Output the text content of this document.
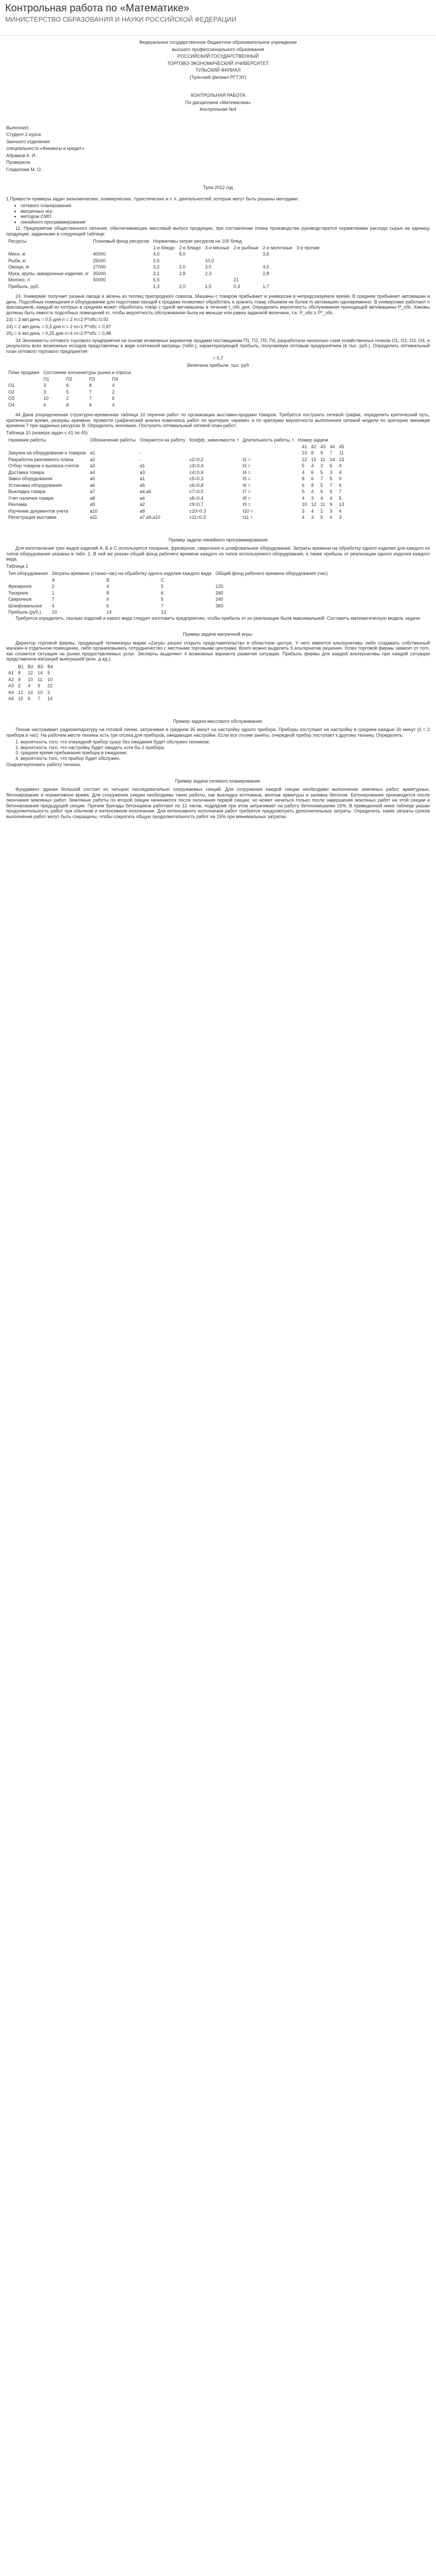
Контрольная работа по «Математике»
МИНИСТЕРСТВО ОБРАЗОВАНИЯ И НАУКИ РОССИЙСКОЙ ФЕДЕРАЦИИ

Федеральное государственное бюджетное образовательное учреждение

высшего профессионального образования

РОССИЙСКИЙ ГОСУДАРСТВЕННЫЙ

ТОРГОВО-ЭКОНОМИЧЕСКИЙ УНИВЕРСИТЕТ

ТУЛЬСКИЙ ФИЛИАЛ

(Тульский филиал РГТЭУ)

КОНТРОЛЬНАЯ РАБОТА

По дисциплине «Математика»

Контрольная №4

Выполнил:

Студент 2 курса

Заочного отделения

специальности «Финансы и кредит»

Абрамов К. И.

Проверила

Гладилова М. О.

Тула 2012 год

1.Привести примеры задач экономических, коммерческих, туристических и т. п. деятельностей, которые могут быть решены методами:

• сетевого планирования
• матричных игр
• методом СМО
• линейного программирования

11. Предприятие общественного питания, обеспечивающее массовый выпуск продукции, при составлении плана производства руководствуется нормативами расхода сырья на единицу продукции, заданными в следующей таблице:

Ресурсы	Плановый фонд ресурсов	Нормативы затрат ресурсов на 100 блюд					
		1-е блюдо	2-е блюдо	3-и мясные	2-е рыбные	2-е молочные	3-е прочие
Мясо, кг	40000	4,0	8,0			3,8	
Рыба, кг	25000	2,5		10,0			
Овощи, кг	27000	3,2	2,0	3,0		4,0	
Мука, крупы, макаронные изделия, кг	35000	2,1	2,8	2,3		2,8	
Молоко, л	50000	6,5			21		
Прибыль, руб.		1,3	2,0	1,5	0,3	1,7	

24. Универмаг получает разные овощи и зелень из теплиц пригородного совхоза. Машины с товаром прибывают в универсам в непредсказуемое время. В среднем прибывает автомашин в день. Подсобные помещения и оборудование для подготовки овощей к продаже позволяют обработать и хранить товар объемом не более m автомашин одновременно. В универсаме работают n фасовщиков, каждый из которых в среднем может обработать товар с одной автомашины в течение t_обс дня. Определить вероятность обслуживания приходящей автомашины P_обс. Каковы должны быть емкость подсобных помещений m, чтобы вероятность обслуживания была не меньше или равна заданной величине, т.е. P_обс ≥ P*_обс.

23) = 3 авт.день = 0,5 дня n = 2 m=2 P*обс=0,92

24) = 2 авт.день = 0,3 дня n = 2 m=1 P*обс = 0,97

25) = 6 авт.день = 0,25 дня n=4 m=2 P*обс = 0,98

34 Экономисты оптового торгового предприятия на основе возможных вариантов продажи поставщикам П1, П2, П3, П4, разработали несколько схем хозяйственных планов O1, O2, O3, O4, и результаты всех возможных исходов представлены в виде платежной матрицы (табл.), характеризующей прибыль, получаемую оптовым предприятием (в тыс. руб.). Определить оптимальный план оптового торгового предприятия

= 0,7

Величина прибыли, тыс. руб

План продажи	Состояние конъюнктуры рынка и спроса			
	П1	П2	П3	П4
O1	3	6	8	4
O2	3	5	7	2
O3	10	2	7	6
O4	4	8	6	4

44 Дана упорядоченная структурно-временная таблица 10 перечня работ по организации выставки-продажи товаров. Требуется построить сетевой график, определить критический путь, критическое время, резервы времени, провести графический анализ комплекса работ по критерию «время» и по критерию вероятности выполнения сетевой модели по критерию минимум времени T при заданных ресурсах B. Определить экономию. Построить оптимальный сетевой план-работ.

Таблица 10 (номера задач с 41 по 45)

Название работы	Обозначение работы	Опирается на работу	Коэфф. зависимости, t	Длительность работы, t	Номер задачи					
						41	42	43	44	45
Закупка на оборудования и товаров	a1	-				10	8	9	7	11
Разработка рекламного плана	a2	-	c2=0,2	t2 =		12	15	11	14	13
Отбор товаров и выписка счетов	a3	a1	c3=0,4	t3 =		5	4	3	6	4
Доставка товара	a4	a3	c4=0,6	t4 =		4	6	5	3	4
Завоз оборудования	a5	a1	c5=0,3	t5 =		8	6	7	5	9
Установка оборудования	a6	a5	c6=0,8	t6 =		6	8	5	7	6
Выкладка товара	a7	a4,a6	c7=0,5	t7 =		5	4	6	5	7
Учет наличия товара	a8	a4	c8=0,4	t8 =		4	3	4	4	5
Реклама	a9	a2	c9=0,7	t9 =		10	12	11	9	13
Изучение документов учета	a10	a8	c10=0,3	t10 =		3	4	2	3	4
Регистрация выставки	a11	a7,a9,a10	c11=0,3	t11 =		4	3	5	4	3

Пример задачи линейного программирования

Для изготовления трех видов изделий A, B и C используется токарное, фрезерное, сварочное и шлифовальное оборудование. Затраты времени на обработку одного изделия для каждого из типов оборудования указаны в табл. 1. В ней же указан общий фонд рабочего времени каждого из типов используемого оборудования, а также прибыль от реализации одного изделия каждого вида.

Таблица 1

Тип оборудования	Затраты времени (станко-час) на обработку одного изделия каждого вида			Общий фонд рабочего времени оборудования (час)
	A	B	C	
Фрезерное	2	4	5	120
Токарное	1	8	6	280
Сварочное	7	4	5	240
Шлифовальное	4	6	7	360
Прибыль (руб.)	10	14	12	

Требуется определить, сколько изделий и какого вида следует изготовить предприятию, чтобы прибыль от их реализации была максимальной. Составить математическую модель задачи.

Пример задачи матричной игры.

Директор торговой фирмы, продающей телевизоры марки «Zarya» решил открыть представительство в областном центре. У него имеются альтернативы либо создавать собственный магазин в отдельном помещении, либо организовывать сотрудничество с местными торговыми центрами. Всего можно выделить 5 альтернатив решения. Успех торговой фирмы зависит от того, как сложится ситуация на рынке предоставляемых услуг. Эксперты выделяют 4 возможных варианта развития ситуации. Прибыль фирмы для каждой альтернативы при каждой ситуации представлена матрицей выигрышей (млн. д.ед.).

	B1	B2	B3	B4
A1	8	12	14	5
A2	9	10	11	10
A3	2	4	9	22
A4	12	14	10	2
A5	15	6	7	14

Пример задачи массового обслуживания.

Техник настраивает радиоаппаратуру на готовой линии, затрачивая в среднем 35 минут на настройку одного прибора. Приборы поступают на настройку в среднем каждые 30 минут (λ = 2 прибора в час). На рабочем месте техника есть три отсека для приборов, ожидающих настройки. Если все отсеки заняты, очередной прибор поступает к другому технику. Определить:

1. вероятность того, что очередной прибор сразу без ожидания будет обслужен техником;
2. вероятность того, что настройку будет ожидать хотя бы 2 прибора;
3. среднее время пребывания прибора в ожидании;
4. вероятность того, что прибор будет обслужен.

Охарактеризовать работу техника.

Пример задачи сетевого планирования.

Фундамент здания большой состоит из четырех последовательно сооружаемых секций. Для сооружения каждой секции необходимо выполнение земляных работ, арматурных, бетонирование и нормативное время. Для сооружения секции необходимы такие работы, как выкладка котлована, монтаж арматуры и заливка бетоном. Бетонирование производится после окончания земляных работ. Земляные работы по второй секции начинаются после окончания первой секции, но может начаться только после завершения земляных работ на этой секции и бетонирования предыдущей секции. Причем бригады бетонщиков работают по 12 часов, подрядчик при этом затрачивает на работу бетономешалки 15%. В приведенной ниже таблице указан продолжительность работ при обычном и интенсивном исполнении. Для интенсивного исполнения работ требуется предусмотреть дополнительные затраты. Определить, какие затраты сроков выполнения работ могут быть сокращены, чтобы сократить общую продолжительность работ на 15% при минимальных затратах.
